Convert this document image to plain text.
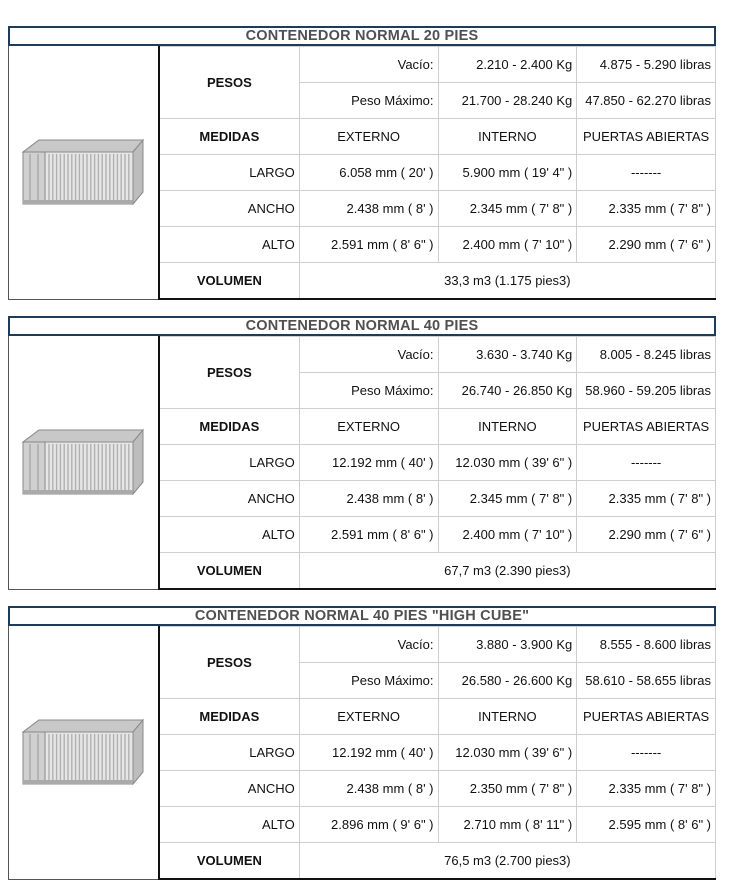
CONTENEDOR NORMAL 20 PIES
PESOS	Vacío:	2.210 - 2.400 Kg	4.875 - 5.290 libras
	Peso Máximo:	21.700 - 28.240 Kg	47.850 - 62.270 libras
MEDIDAS	EXTERNO	INTERNO	PUERTAS ABIERTAS
LARGO	6.058 mm ( 20' )	5.900 mm ( 19' 4" )	-------
ANCHO	2.438 mm ( 8' )	2.345 mm ( 7' 8" )	2.335 mm ( 7' 8" )
ALTO	2.591 mm ( 8' 6" )	2.400 mm ( 7' 10" )	2.290 mm ( 7' 6" )
VOLUMEN	33,3 m3 (1.175 pies3)		
CONTENEDOR NORMAL 40 PIES
PESOS	Vacío:	3.630 - 3.740 Kg	8.005 - 8.245 libras
	Peso Máximo:	26.740 - 26.850 Kg	58.960 - 59.205 libras
MEDIDAS	EXTERNO	INTERNO	PUERTAS ABIERTAS
LARGO	12.192 mm ( 40' )	12.030 mm ( 39' 6" )	-------
ANCHO	2.438 mm ( 8' )	2.345 mm ( 7' 8" )	2.335 mm ( 7' 8" )
ALTO	2.591 mm ( 8' 6" )	2.400 mm ( 7' 10" )	2.290 mm ( 7' 6" )
VOLUMEN	67,7 m3 (2.390 pies3)		
CONTENEDOR NORMAL 40 PIES "HIGH CUBE"
PESOS	Vacío:	3.880 - 3.900 Kg	8.555 - 8.600 libras
	Peso Máximo:	26.580 - 26.600 Kg	58.610 - 58.655 libras
MEDIDAS	EXTERNO	INTERNO	PUERTAS ABIERTAS
LARGO	12.192 mm ( 40' )	12.030 mm ( 39' 6" )	-------
ANCHO	2.438 mm ( 8' )	2.350 mm ( 7' 8" )	2.335 mm ( 7' 8" )
ALTO	2.896 mm ( 9' 6" )	2.710 mm ( 8' 11" )	2.595 mm ( 8' 6" )
VOLUMEN	76,5 m3 (2.700 pies3)		
